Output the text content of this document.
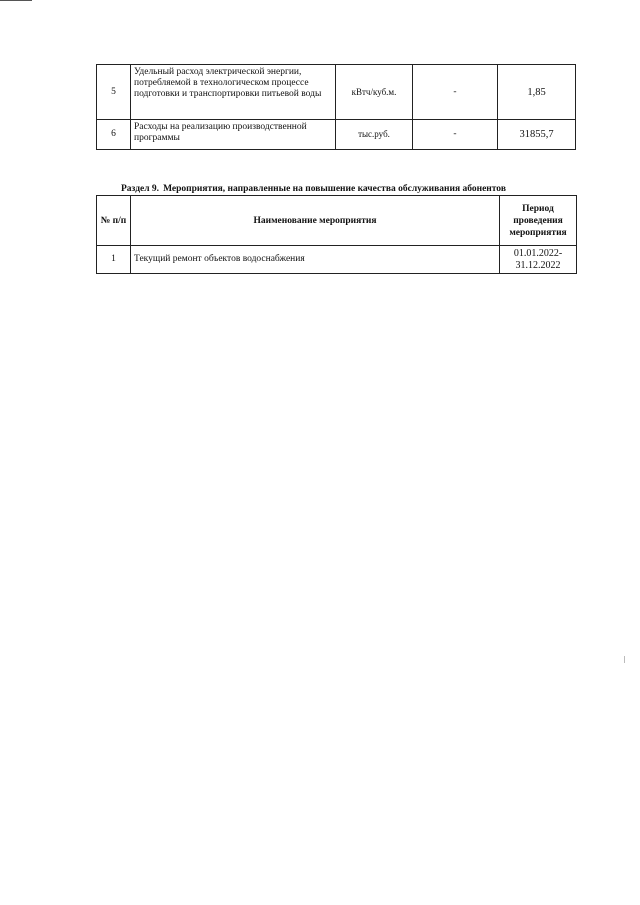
5	Удельный расход электрической энергии, потребляемой в технологическом процессе подготовки и транспортировки питьевой воды	кВтч/куб.м.	-	1,85
6	Расходы на реализацию производственной программы	тыс.руб.	-	31855,7
Раздел 9. Мероприятия, направленные на повышение качества обслуживания абонентов
№ п/п	Наименование мероприятия	Период проведения мероприятия
1	Текущий ремонт объектов водоснабжения	01.01.2022-31.12.2022
